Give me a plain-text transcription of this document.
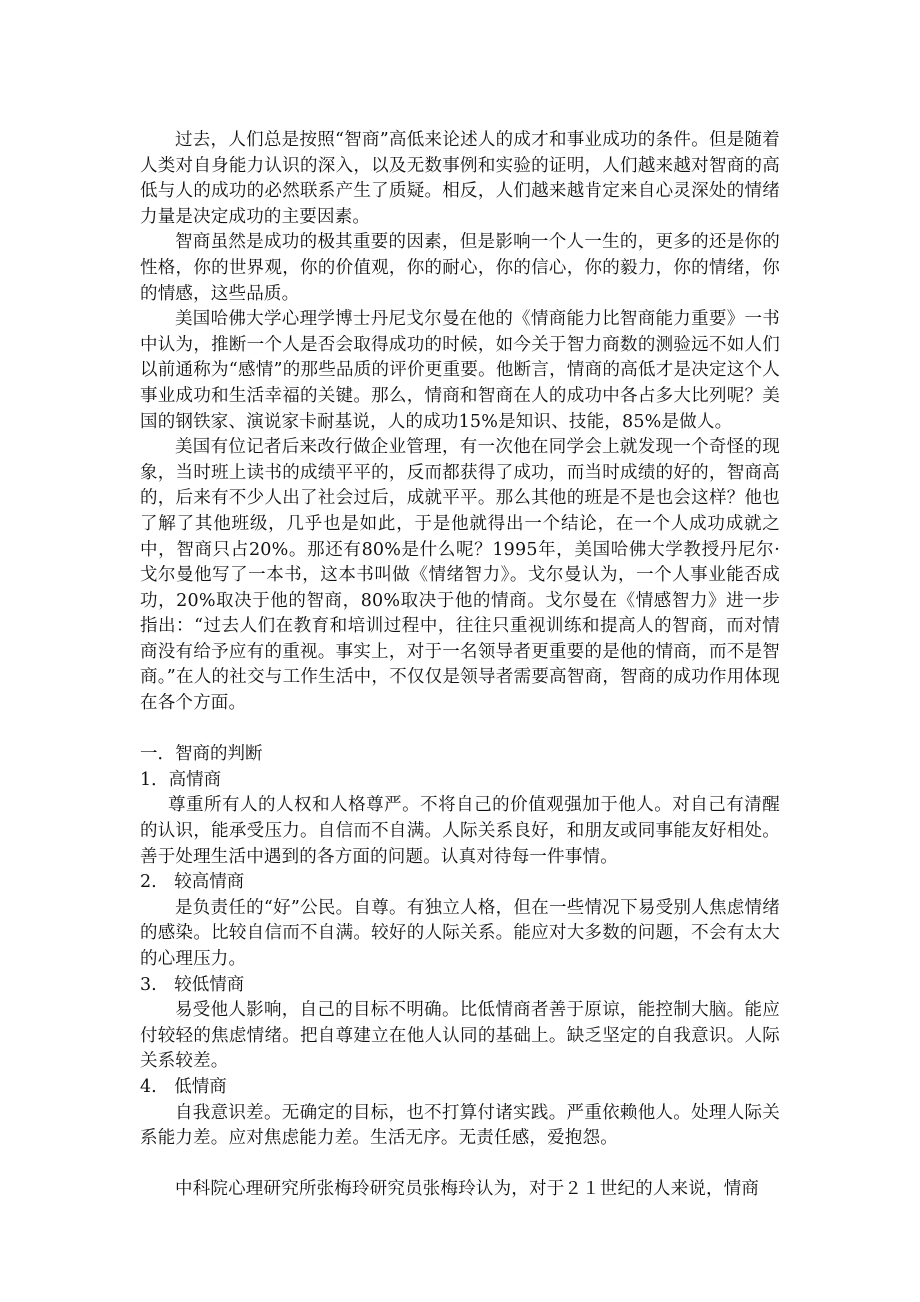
过去，人们总是按照“智商”高低来论述人的成才和事业成功的条件。但是随着人类对自身能力认识的深入，以及无数事例和实验的证明，人们越来越对智商的高低与人的成功的必然联系产生了质疑。相反，人们越来越肯定来自心灵深处的情绪力量是决定成功的主要因素。

智商虽然是成功的极其重要的因素，但是影响一个人一生的，更多的还是你的性格，你的世界观，你的价值观，你的耐心，你的信心，你的毅力，你的情绪，你的情感，这些品质。

美国哈佛大学心理学博士丹尼戈尔曼在他的《情商能力比智商能力重要》一书中认为，推断一个人是否会取得成功的时候，如今关于智力商数的测验远不如人们以前通称为“感情”的那些品质的评价更重要。他断言，情商的高低才是决定这个人事业成功和生活幸福的关键。那么，情商和智商在人的成功中各占多大比列呢？美国的钢铁家、演说家卡耐基说，人的成功15%是知识、技能，85%是做人。

美国有位记者后来改行做企业管理，有一次他在同学会上就发现一个奇怪的现象，当时班上读书的成绩平平的，反而都获得了成功，而当时成绩的好的，智商高的，后来有不少人出了社会过后，成就平平。那么其他的班是不是也会这样？他也了解了其他班级，几乎也是如此，于是他就得出一个结论，在一个人成功成就之中，智商只占20%。那还有80%是什么呢？1995年，美国哈佛大学教授丹尼尔·戈尔曼他写了一本书，这本书叫做《情绪智力》。戈尔曼认为，一个人事业能否成功，20%取决于他的智商，80%取决于他的情商。戈尔曼在《情感智力》进一步指出：“过去人们在教育和培训过程中，往往只重视训练和提高人的智商，而对情商没有给予应有的重视。事实上，对于一名领导者更重要的是他的情商，而不是智商。”在人的社交与工作生活中，不仅仅是领导者需要高智商，智商的成功作用体现在各个方面。

一．智商的判断

1．高情商

尊重所有人的人权和人格尊严。不将自己的价值观强加于他人。对自己有清醒的认识，能承受压力。自信而不自满。人际关系良好，和朋友或同事能友好相处。善于处理生活中遇到的各方面的问题。认真对待每一件事情。

2.　较高情商

是负责任的“好”公民。自尊。有独立人格，但在一些情况下易受别人焦虑情绪的感染。比较自信而不自满。较好的人际关系。能应对大多数的问题，不会有太大的心理压力。

3.　较低情商

易受他人影响，自己的目标不明确。比低情商者善于原谅，能控制大脑。能应付较轻的焦虑情绪。把自尊建立在他人认同的基础上。缺乏坚定的自我意识。人际关系较差。

4.　低情商

自我意识差。无确定的目标，也不打算付诸实践。严重依赖他人。处理人际关系能力差。应对焦虑能力差。生活无序。无责任感，爱抱怨。

中科院心理研究所张梅玲研究员张梅玲认为，对于２１世纪的人来说，情商
